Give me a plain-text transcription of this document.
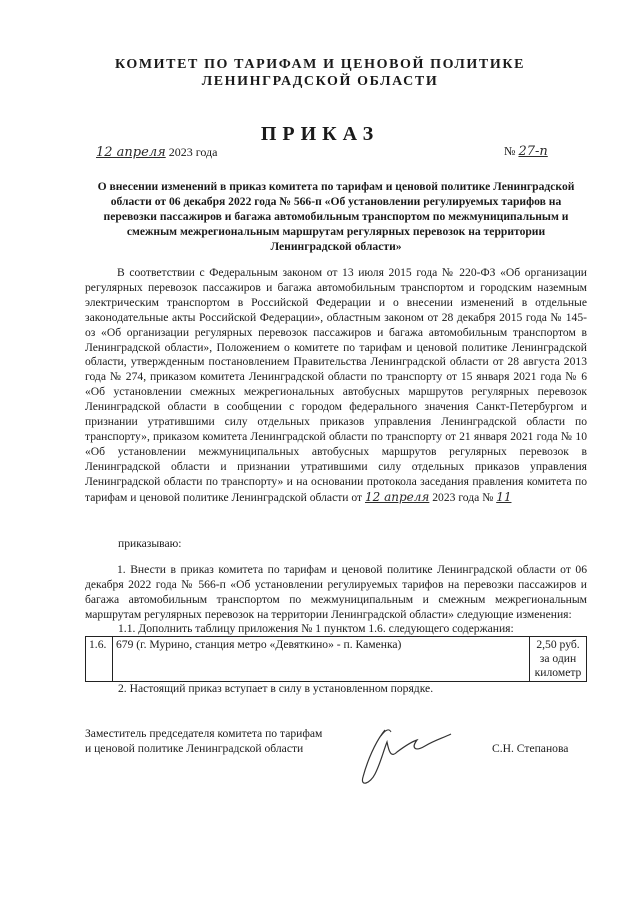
КОМИТЕТ ПО ТАРИФАМ И ЦЕНОВОЙ ПОЛИТИКЕ
ЛЕНИНГРАДСКОЙ ОБЛАСТИ
ПРИКАЗ
12 апреля 2023 года	№ 27-п
О внесении изменений в приказ комитета по тарифам и ценовой политике Ленинградской области от 06 декабря 2022 года № 566-п «Об установлении регулируемых тарифов на перевозки пассажиров и багажа автомобильным транспортом по межмуниципальным и смежным межрегиональным маршрутам регулярных перевозок на территории Ленинградской области»
В соответствии с Федеральным законом от 13 июля 2015 года № 220-ФЗ «Об организации регулярных перевозок пассажиров и багажа автомобильным транспортом и городским наземным электрическим транспортом в Российской Федерации и о внесении изменений в отдельные законодательные акты Российской Федерации», областным законом от 28 декабря 2015 года № 145-оз «Об организации регулярных перевозок пассажиров и багажа автомобильным транспортом в Ленинградской области», Положением о комитете по тарифам и ценовой политике Ленинградской области, утвержденным постановлением Правительства Ленинградской области от 28 августа 2013 года № 274, приказом комитета Ленинградской области по транспорту от 15 января 2021 года № 6 «Об установлении смежных межрегиональных автобусных маршрутов регулярных перевозок Ленинградской области в сообщении с городом федерального значения Санкт-Петербургом и признании утратившими силу отдельных приказов управления Ленинградской области по транспорту», приказом комитета Ленинградской области по транспорту от 21 января 2021 года № 10 «Об установлении межмуниципальных автобусных маршрутов регулярных перевозок в Ленинградской области и признании утратившими силу отдельных приказов управления Ленинградской области по транспорту» и на основании протокола заседания правления комитета по тарифам и ценовой политике Ленинградской области от 12 апреля 2023 года № 11
приказываю:
1. Внести в приказ комитета по тарифам и ценовой политике Ленинградской области от 06 декабря 2022 года № 566-п «Об установлении регулируемых тарифов на перевозки пассажиров и багажа автомобильным транспортом по межмуниципальным и смежным межрегиональным маршрутам регулярных перевозок на территории Ленинградской области» следующие изменения:
1.1. Дополнить таблицу приложения № 1 пунктом 1.6. следующего содержания:
1.6.	679 (г. Мурино, станция метро «Девяткино» - п. Каменка)	2,50 руб. за один километр
2. Настоящий приказ вступает в силу в установленном порядке.
Заместитель председателя комитета по тарифам
и ценовой политике Ленинградской области	С.Н. Степанова
